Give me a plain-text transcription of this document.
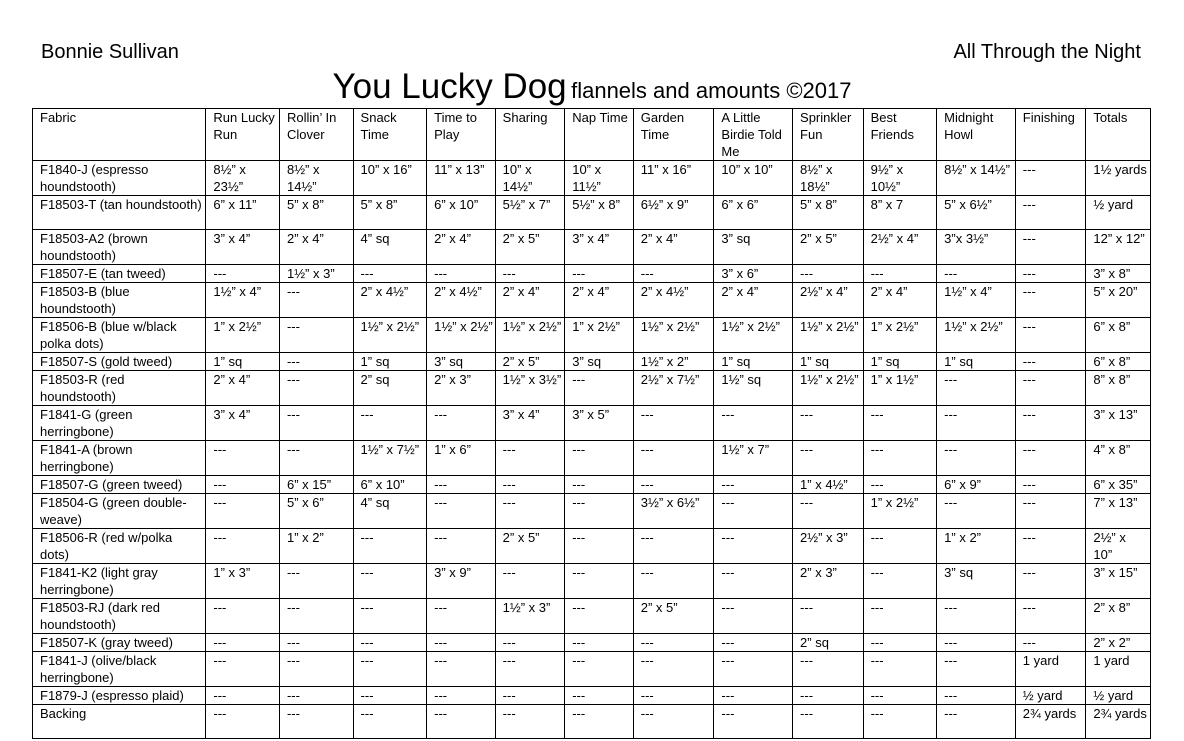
Bonnie Sullivan	All Through the Night
You Lucky Dog flannels and amounts ©2017
Fabric	Run Lucky Run	Rollin’ In Clover	Snack Time	Time to Play	Sharing	Nap Time	Garden Time	A Little Birdie Told Me	Sprinkler Fun	Best Friends	Midnight Howl	Finishing	Totals
F1840-J (espresso houndstooth)	8½” x 23½”	8½” x 14½”	10” x 16”	11” x 13”	10” x 14½”	10” x 11½”	11” x 16”	10” x 10”	8½” x 18½”	9½” x 10½”	8½” x 14½”	---	1½ yards
F18503-T (tan houndstooth)	6” x 11”	5” x 8”	5” x 8”	6” x 10”	5½” x 7”	5½” x 8”	6½” x 9”	6” x 6”	5” x 8”	8” x 7	5” x 6½”	---	½ yard
F18503-A2 (brown houndstooth)	3” x 4”	2” x 4”	4” sq	2” x 4”	2” x 5”	3” x 4”	2” x 4”	3” sq	2” x 5”	2½” x 4”	3”x 3½”	---	12” x 12”
F18507-E (tan tweed)	---	1½” x 3”	---	---	---	---	---	3” x 6”	---	---	---	---	3” x 8”
F18503-B (blue houndstooth)	1½” x 4”	---	2” x 4½”	2” x 4½”	2” x 4”	2” x 4”	2” x 4½”	2” x 4”	2½” x 4”	2” x 4”	1½” x 4”	---	5” x 20”
F18506-B (blue w/black polka dots)	1” x 2½”	---	1½” x 2½”	1½” x 2½”	1½” x 2½”	1” x 2½”	1½” x 2½”	1½” x 2½”	1½” x 2½”	1” x 2½”	1½” x 2½”	---	6” x 8”
F18507-S (gold tweed)	1” sq	---	1” sq	3” sq	2” x 5”	3” sq	1½” x 2”	1” sq	1” sq	1” sq	1” sq	---	6” x 8”
F18503-R (red houndstooth)	2” x 4”	---	2” sq	2” x 3”	1½” x 3½”	---	2½” x 7½”	1½” sq	1½” x 2½”	1” x 1½”	---	---	8” x 8”
F1841-G (green herringbone)	3” x 4”	---	---	---	3” x 4”	3” x 5”	---	---	---	---	---	---	3” x 13”
F1841-A (brown herringbone)	---	---	1½” x 7½”	1” x 6”	---	---	---	1½” x 7”	---	---	---	---	4” x 8”
F18507-G (green tweed)	---	6” x 15”	6” x 10”	---	---	---	---	---	1” x 4½”	---	6” x 9”	---	6” x 35”
F18504-G (green double-weave)	---	5” x 6”	4” sq	---	---	---	3½” x 6½”	---	---	1” x 2½”	---	---	7” x 13”
F18506-R (red w/polka dots)	---	1” x 2”	---	---	2” x 5”	---	---	---	2½” x 3”	---	1” x 2”	---	2½” x 10”
F1841-K2 (light gray herringbone)	1” x 3”	---	---	3” x 9”	---	---	---	---	2” x 3”	---	3” sq	---	3” x 15”
F18503-RJ (dark red houndstooth)	---	---	---	---	1½” x 3”	---	2” x 5”	---	---	---	---	---	2” x 8”
F18507-K (gray tweed)	---	---	---	---	---	---	---	---	2” sq	---	---	---	2” x 2”
F1841-J (olive/black herringbone)	---	---	---	---	---	---	---	---	---	---	---	1 yard	1 yard
F1879-J (espresso plaid)	---	---	---	---	---	---	---	---	---	---	---	½ yard	½ yard
Backing	---	---	---	---	---	---	---	---	---	---	---	2¾ yards	2¾ yards
